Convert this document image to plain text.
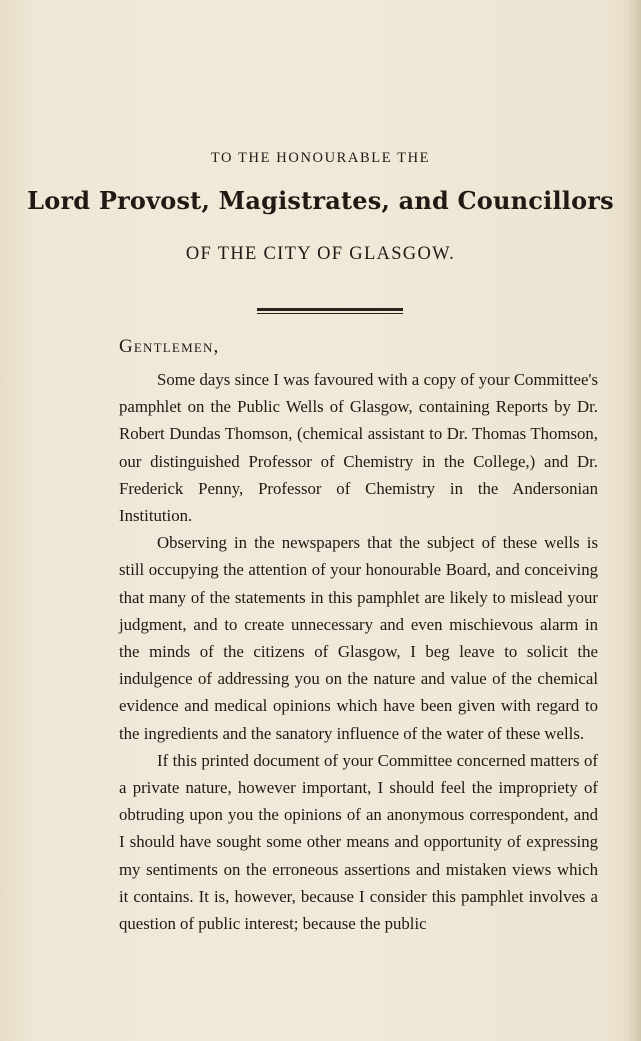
TO THE HONOURABLE THE
Lord Provost, Magistrates, and Councillors
OF THE CITY OF GLASGOW.
Gentlemen,

Some days since I was favoured with a copy of your Committee's pamphlet on the Public Wells of Glasgow, containing Reports by Dr. Robert Dundas Thomson, (chemical assistant to Dr. Thomas Thomson, our distinguished Professor of Chemistry in the College,) and Dr. Frederick Penny, Professor of Chemistry in the Andersonian Institution.

Observing in the newspapers that the subject of these wells is still occupying the attention of your honourable Board, and conceiving that many of the statements in this pamphlet are likely to mislead your judgment, and to create unnecessary and even mischievous alarm in the minds of the citizens of Glasgow, I beg leave to solicit the indulgence of addressing you on the nature and value of the chemical evidence and medical opinions which have been given with regard to the ingredients and the sanatory influence of the water of these wells.

If this printed document of your Committee concerned matters of a private nature, however important, I should feel the impropriety of obtruding upon you the opinions of an anonymous correspondent, and I should have sought some other means and opportunity of expressing my sentiments on the erroneous assertions and mistaken views which it contains. It is, however, because I consider this pamphlet involves a question of public interest; because the public
